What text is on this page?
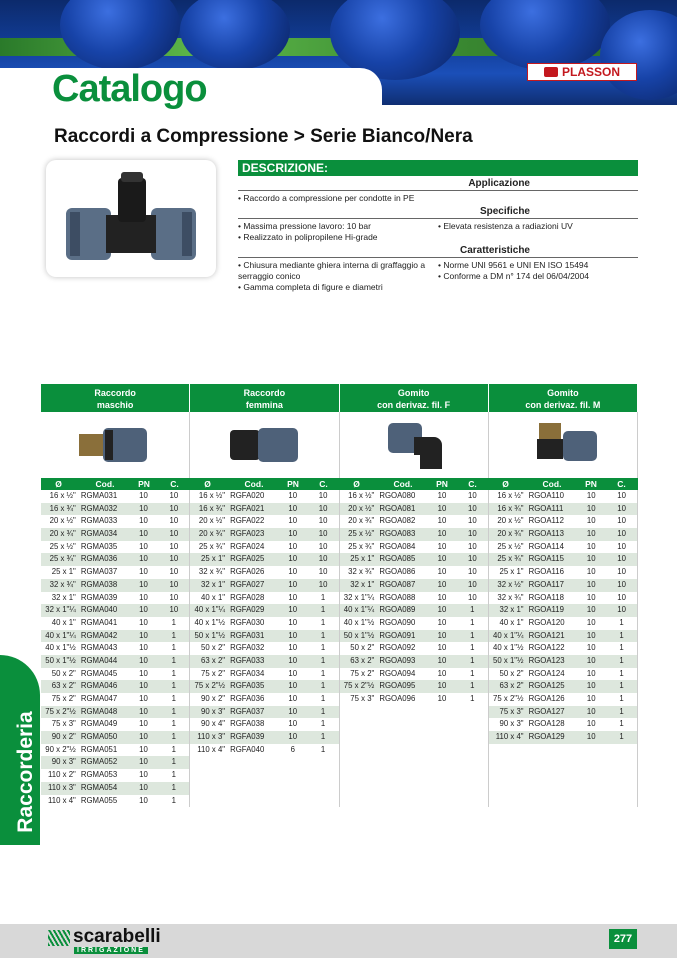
Catalogo	PLASSON
Raccordi a Compressione > Serie Bianco/Nera
DESCRIZIONE:
Applicazione
• Raccordo a compressione per condotte in PE
Specifiche
• Massima pressione lavoro: 10 bar
• Realizzato in polipropilene Hi-grade
• Elevata resistenza a radiazioni UV
Caratteristiche
• Chiusura mediante ghiera interna di graffaggio a serraggio conico
• Gamma completa di figure e diametri
• Norme UNI 9561 e UNI EN ISO 15494
• Conforme a DM n° 174 del 06/04/2004
Raccordo
maschio
Raccordo
femmina
Gomito
con derivaz. fil. F
Gomito
con derivaz. fil. M
Ø	Cod.	PN	C.	Ø	Cod.	PN	C.	Ø	Cod.	PN	C.	Ø	Cod.	PN	C.
16 x ½" RGMA031	10	10
16 x ¾" RGMA032	10	10
20 x ½" RGMA033	10	10
20 x ¾" RGMA034	10	10
25 x ½" RGMA035	10	10
25 x ¾" RGMA036	10	10
25 x 1" RGMA037	10	10
32 x ¾" RGMA038	10	10
32 x 1" RGMA039	10	10
32 x 1"¼ RGMA040	10	10
40 x 1" RGMA041	10	1
40 x 1"¼ RGMA042	10	1
40 x 1"½ RGMA043	10	1
50 x 1"½ RGMA044	10	1
50 x 2" RGMA045	10	1
63 x 2" RGMA046	10	1
75 x 2" RGMA047	10	1
75 x 2"½ RGMA048	10	1
75 x 3" RGMA049	10	1
90 x 2" RGMA050	10	1
90 x 2"½ RGMA051	10	1
90 x 3" RGMA052	10	1
110 x 2" RGMA053	10	1
110 x 3" RGMA054	10	1
110 x 4" RGMA055	10	1
16 x ½" RGFA020	10	10
16 x ¾" RGFA021	10	10
20 x ½" RGFA022	10	10
20 x ¾" RGFA023	10	10
25 x ¾" RGFA024	10	10
25 x 1" RGFA025	10	10
32 x ¾" RGFA026	10	10
32 x 1" RGFA027	10	10
40 x 1" RGFA028	10	1
40 x 1"¼ RGFA029	10	1
40 x 1"½ RGFA030	10	1
50 x 1"½ RGFA031	10	1
50 x 2" RGFA032	10	1
63 x 2" RGFA033	10	1
75 x 2" RGFA034	10	1
75 x 2"½ RGFA035	10	1
90 x 2" RGFA036	10	1
90 x 3" RGFA037	10	1
90 x 4" RGFA038	10	1
110 x 3" RGFA039	10	1
110 x 4" RGFA040	6	1
16 x ½" RGOA080	10	10
20 x ½" RGOA081	10	10
20 x ¾" RGOA082	10	10
25 x ½" RGOA083	10	10
25 x ¾" RGOA084	10	10
25 x 1" RGOA085	10	10
32 x ¾" RGOA086	10	10
32 x 1" RGOA087	10	10
32 x 1"¼ RGOA088	10	10
40 x 1"¼ RGOA089	10	1
40 x 1"½ RGOA090	10	1
50 x 1"½ RGOA091	10	1
50 x 2" RGOA092	10	1
63 x 2" RGOA093	10	1
75 x 2" RGOA094	10	1
75 x 2"½ RGOA095	10	1
75 x 3" RGOA096	10	1
16 x ½" RGOA110	10	10
16 x ¾" RGOA111	10	10
20 x ½" RGOA112	10	10
20 x ¾" RGOA113	10	10
25 x ½" RGOA114	10	10
25 x ¾" RGOA115	10	10
25 x 1" RGOA116	10	10
32 x ½" RGOA117	10	10
32 x ¾" RGOA118	10	10
32 x 1" RGOA119	10	10
40 x 1" RGOA120	10	1
40 x 1"¼ RGOA121	10	1
40 x 1"½ RGOA122	10	1
50 x 1"½ RGOA123	10	1
50 x 2" RGOA124	10	1
63 x 2" RGOA125	10	1
75 x 2"½ RGOA126	10	1
75 x 3" RGOA127	10	1
90 x 3" RGOA128	10	1
110 x 4" RGOA129	10	1
Raccorderia
scarabelli
IRRIGAZIONE
277
